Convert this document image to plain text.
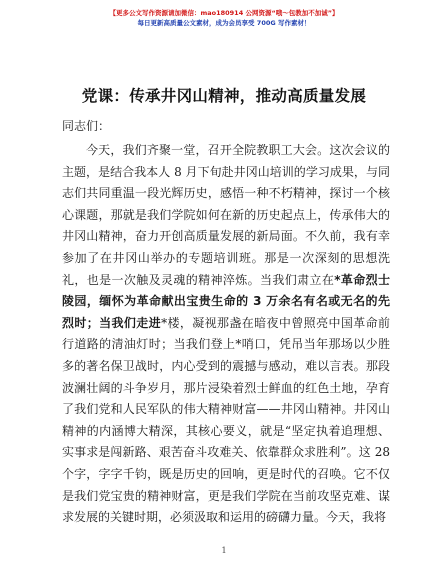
【更多公文写作资源请加微信：mao180914 公网资源“哦～包教加不加诚”】
每日更新高质量公文素材，成为会员享受 700G 写作素材！
党课：传承井冈山精神，推动高质量发展
同志们：

今天，我们齐聚一堂，召开全院教职工大会。这次会议的主题，是结合我本人 8 月下旬赴井冈山培训的学习成果，与同志们共同重温一段光辉历史，感悟一种不朽精神，探讨一个核心课题，那就是我们学院如何在新的历史起点上，传承伟大的井冈山精神，奋力开创高质量发展的新局面。不久前，我有幸参加了在井冈山举办的专题培训班。那是一次深刻的思想洗礼，也是一次触及灵魂的精神淬炼。当我们肃立在*革命烈士陵园，缅怀为革命献出宝贵生命的 3 万余名有名或无名的先烈时；当我们走进*楼，凝视那盏在暗夜中曾照亮中国革命前行道路的清油灯时；当我们登上*哨口，凭吊当年那场以少胜多的著名保卫战时，内心受到的震撼与感动，难以言表。那段波澜壮阔的斗争岁月，那片浸染着烈士鲜血的红色土地，孕育了我们党和人民军队的伟大精神财富——井冈山精神。井冈山精神的内涵博大精深，其核心要义，就是“坚定执着追理想、实事求是闯新路、艰苦奋斗攻难关、依靠群众求胜利”。这 28 个字，字字千钧，既是历史的回响，更是时代的召唤。它不仅是我们党宝贵的精神财富，更是我们学院在当前攻坚克难、谋求发展的关键时期，必须汲取和运用的磅礴力量。今天，我将

1
